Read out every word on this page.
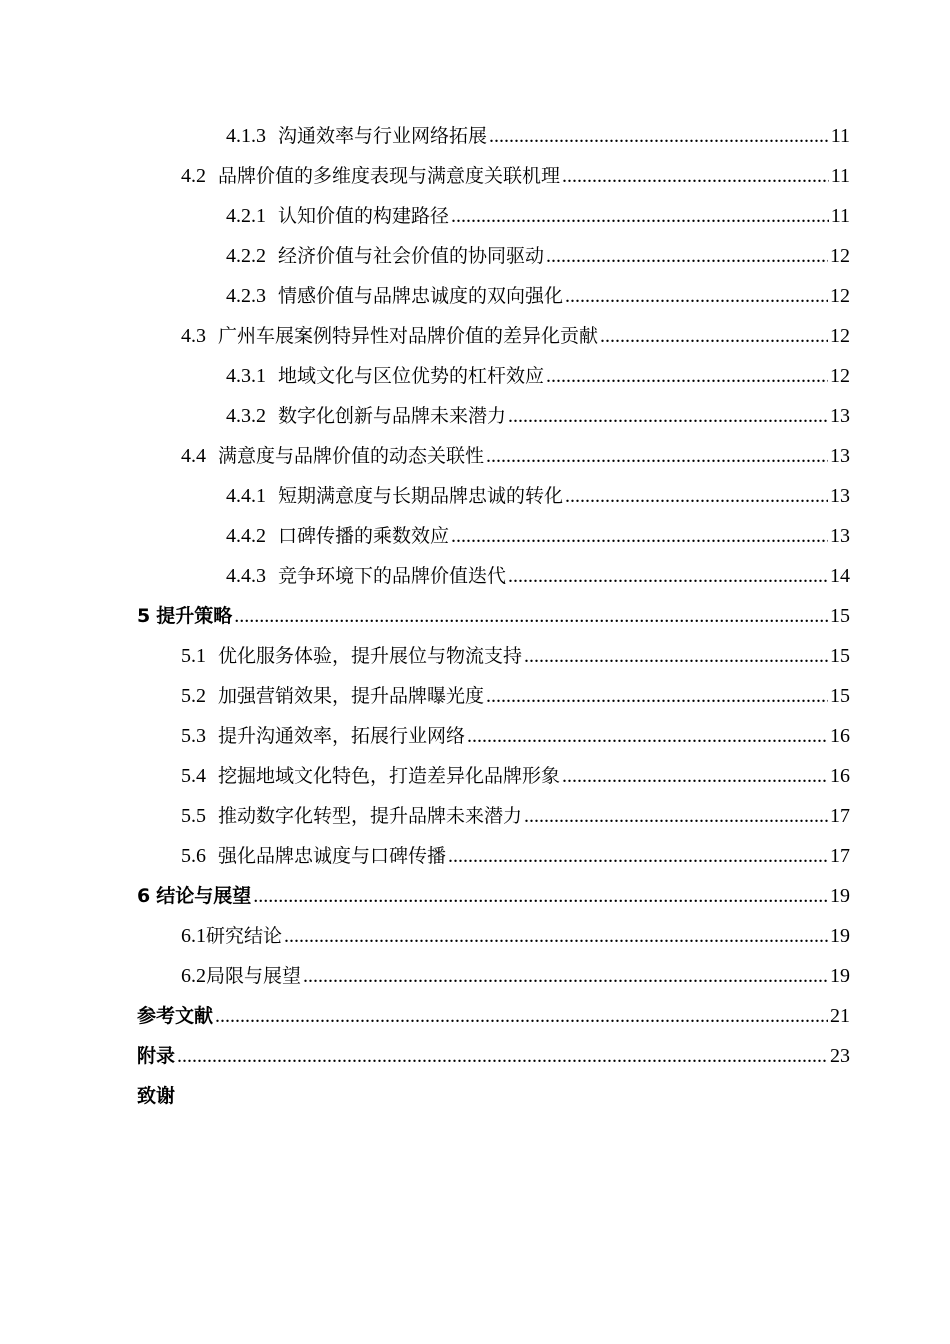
4.1.3 沟通效率与行业网络拓展 .....	11
4.2 品牌价值的多维度表现与满意度关联机理 .....	11
4.2.1 认知价值的构建路径 .....	11
4.2.2 经济价值与社会价值的协同驱动 .....	12
4.2.3 情感价值与品牌忠诚度的双向强化 .....	12
4.3 广州车展案例特异性对品牌价值的差异化贡献 .....	12
4.3.1 地域文化与区位优势的杠杆效应 .....	12
4.3.2 数字化创新与品牌未来潜力 .....	13
4.4 满意度与品牌价值的动态关联性 .....	13
4.4.1 短期满意度与长期品牌忠诚的转化 .....	13
4.4.2 口碑传播的乘数效应 .....	13
4.4.3 竞争环境下的品牌价值迭代 .....	14
5 提升策略 .....	15
5.1 优化服务体验，提升展位与物流支持 .....	15
5.2 加强营销效果，提升品牌曝光度 .....	15
5.3 提升沟通效率，拓展行业网络 .....	16
5.4 挖掘地域文化特色，打造差异化品牌形象 .....	16
5.5 推动数字化转型，提升品牌未来潜力 .....	17
5.6 强化品牌忠诚度与口碑传播 .....	17
6 结论与展望 .....	19
6.1研究结论 .....	19
6.2局限与展望 .....	19
参考文献 .....	21
附录 .....	23
致谢
